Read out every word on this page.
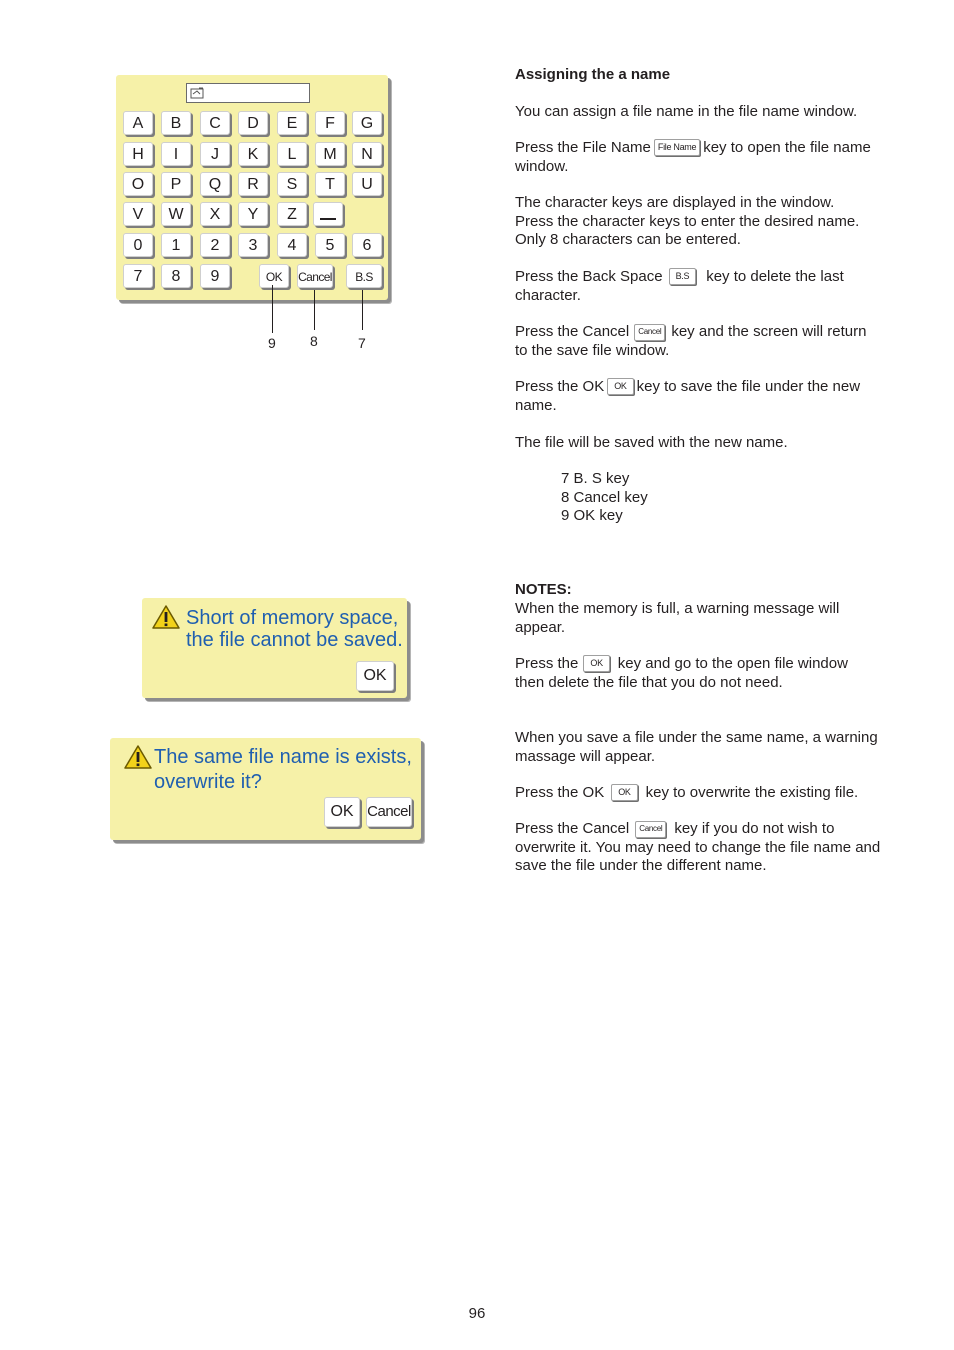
A	B	C	D	E	F	G
H	I	J	K	L	M	N
O	P	Q	R	S	T	U
V	W	X	Y	Z
0	1	2	3	4	5	6
7	8	9	OK	Cancel	B.S
9 8	7
Short of memory space,
the file cannot be saved.
OK
The same file name is exists,
overwrite it?
OK Cancel
Assigning the a name
You can assign a file name in the file name window.

Press the File Name File Name key to open the file name

window.

The character keys are displayed in the window.

Press the character keys to enter the desired name.

Only 8 characters can be entered.

Press the Back Space B.S key to delete the last

character.

Press the Cancel Cancel key and the screen will return

to the save file window.

Press the OK OK key to save the file under the new

name.

The file will be saved with the new name.
7 B. S key
8 Cancel key
9 OK key
NOTES:

When the memory is full, a warning message will

appear.

Press the OK key and go to the open file window

then delete the file that you do not need.

When you save a file under the same name, a warning

massage will appear.

Press the OK OK key to overwrite the existing file.

Press the Cancel Cancel key if you do not wish to

overwrite it. You may need to change the file name and

save the file under the different name.

96
